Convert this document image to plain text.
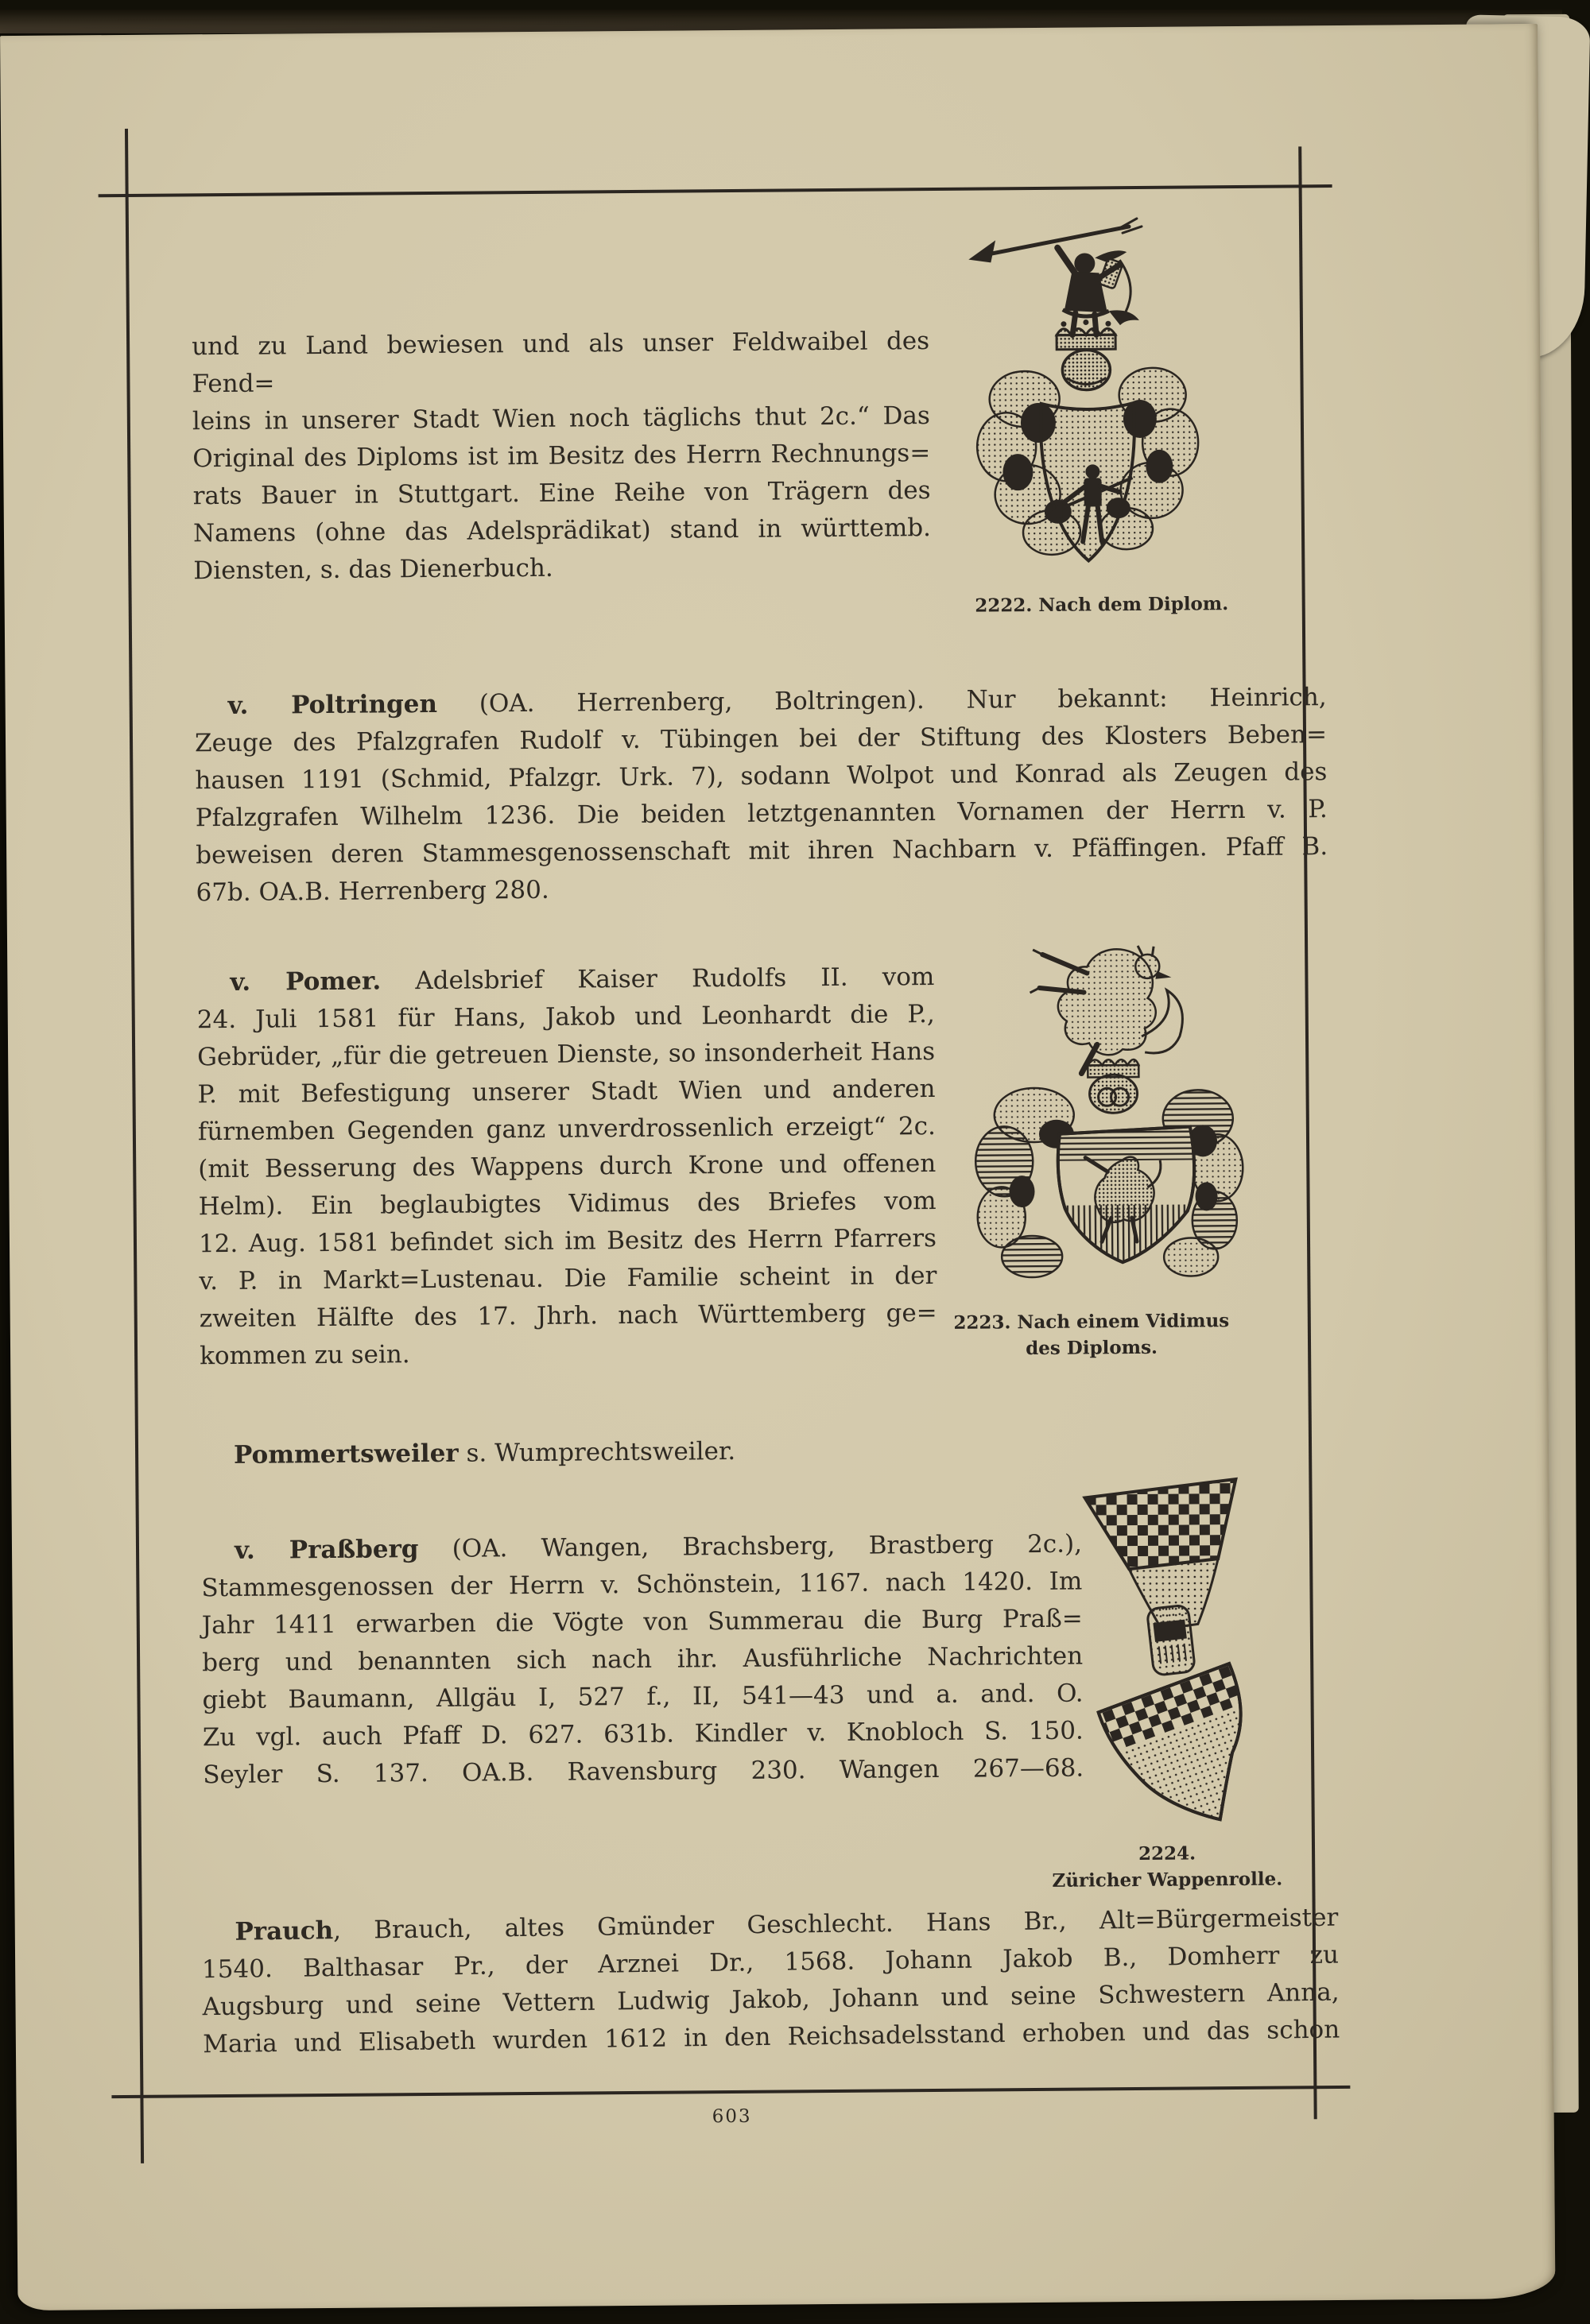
und zu Land bewiesen und als unser Feldwaibel des Fend=
leins in unserer Stadt Wien noch täglichs thut 2c.“ Das
Original des Diploms ist im Besitz des Herrn Rechnungs=
rats Bauer in Stuttgart. Eine Reihe von Trägern des
Namens (ohne das Adelsprädikat) stand in württemb.
Diensten, s. das Dienerbuch.
2222. Nach dem Diplom.
v. Poltringen (OA. Herrenberg, Boltringen). Nur bekannt: Heinrich,
Zeuge des Pfalzgrafen Rudolf v. Tübingen bei der Stiftung des Klosters Beben=
hausen 1191 (Schmid, Pfalzgr. Urk. 7), sodann Wolpot und Konrad als Zeugen des
Pfalzgrafen Wilhelm 1236. Die beiden letztgenannten Vornamen der Herrn v. P.
beweisen deren Stammesgenossenschaft mit ihren Nachbarn v. Pfäffingen. Pfaff B.
67b. OA.B. Herrenberg 280.
v. Pomer. Adelsbrief Kaiser Rudolfs II. vom
24. Juli 1581 für Hans, Jakob und Leonhardt die P.,
Gebrüder, „für die getreuen Dienste, so insonderheit Hans
P. mit Befestigung unserer Stadt Wien und anderen
fürnemben Gegenden ganz unverdrossenlich erzeigt“ 2c.
(mit Besserung des Wappens durch Krone und offenen
Helm). Ein beglaubigtes Vidimus des Briefes vom
12. Aug. 1581 befindet sich im Besitz des Herrn Pfarrers
v. P. in Markt=Lustenau. Die Familie scheint in der
zweiten Hälfte des 17. Jhrh. nach Württemberg ge=
kommen zu sein.
2223. Nach einem Vidimus
des Diploms.
Pommertsweiler s. Wumprechtsweiler.
v. Praßberg (OA. Wangen, Brachsberg, Brastberg 2c.),
Stammesgenossen der Herrn v. Schönstein, 1167. nach 1420. Im
Jahr 1411 erwarben die Vögte von Summerau die Burg Praß=
berg und benannten sich nach ihr. Ausführliche Nachrichten
giebt Baumann, Allgäu I, 527 f., II, 541—43 und a. and. O.
Zu vgl. auch Pfaff D. 627. 631b. Kindler v. Knobloch S. 150.
Seyler S. 137. OA.B. Ravensburg 230. Wangen 267—68.
2224.
Züricher Wappenrolle.
Prauch, Brauch, altes Gmünder Geschlecht. Hans Br., Alt=Bürgermeister
1540. Balthasar Pr., der Arznei Dr., 1568. Johann Jakob B., Domherr zu
Augsburg und seine Vettern Ludwig Jakob, Johann und seine Schwestern Anna,
Maria und Elisabeth wurden 1612 in den Reichsadelsstand erhoben und das schon
603
